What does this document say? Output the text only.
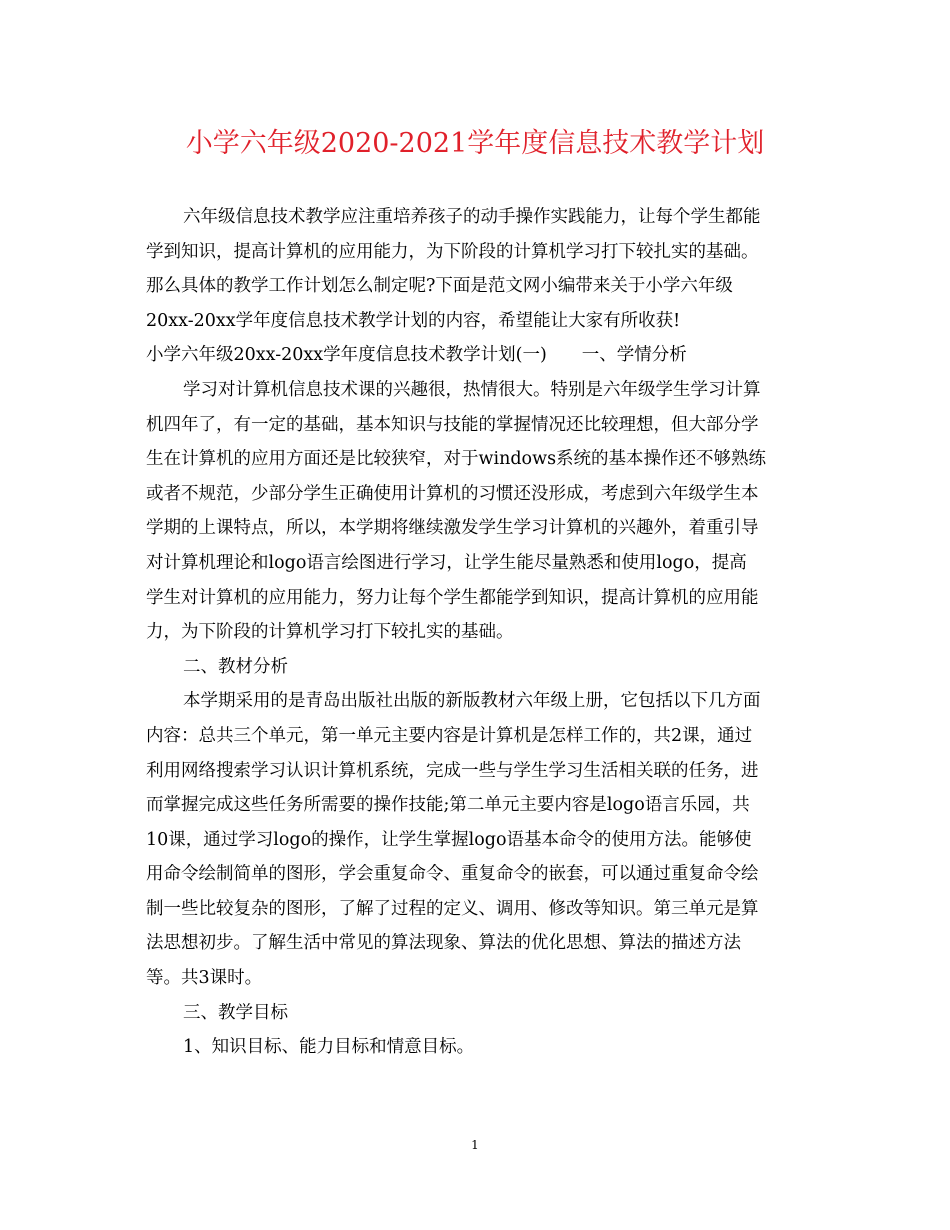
小学六年级2020-2021学年度信息技术教学计划
六年级信息技术教学应注重培养孩子的动手操作实践能力，让每个学生都能
学到知识，提高计算机的应用能力，为下阶段的计算机学习打下较扎实的基础。
那么具体的教学工作计划怎么制定呢?下面是范文网小编带来关于小学六年级
20xx-20xx学年度信息技术教学计划的内容，希望能让大家有所收获!
小学六年级20xx-20xx学年度信息技术教学计划(一)　　一、学情分析
学习对计算机信息技术课的兴趣很，热情很大。特别是六年级学生学习计算
机四年了，有一定的基础，基本知识与技能的掌握情况还比较理想，但大部分学
生在计算机的应用方面还是比较狭窄，对于windows系统的基本操作还不够熟练
或者不规范，少部分学生正确使用计算机的习惯还没形成，考虑到六年级学生本
学期的上课特点，所以，本学期将继续激发学生学习计算机的兴趣外，着重引导
对计算机理论和logo语言绘图进行学习，让学生能尽量熟悉和使用logo，提高
学生对计算机的应用能力，努力让每个学生都能学到知识，提高计算机的应用能
力，为下阶段的计算机学习打下较扎实的基础。
二、教材分析
本学期采用的是青岛出版社出版的新版教材六年级上册，它包括以下几方面
内容：总共三个单元，第一单元主要内容是计算机是怎样工作的，共2课，通过
利用网络搜索学习认识计算机系统，完成一些与学生学习生活相关联的任务，进
而掌握完成这些任务所需要的操作技能;第二单元主要内容是logo语言乐园，共
10课，通过学习logo的操作，让学生掌握logo语基本命令的使用方法。能够使
用命令绘制简单的图形，学会重复命令、重复命令的嵌套，可以通过重复命令绘
制一些比较复杂的图形，了解了过程的定义、调用、修改等知识。第三单元是算
法思想初步。了解生活中常见的算法现象、算法的优化思想、算法的描述方法
等。共3课时。
三、教学目标
1、知识目标、能力目标和情意目标。
1
